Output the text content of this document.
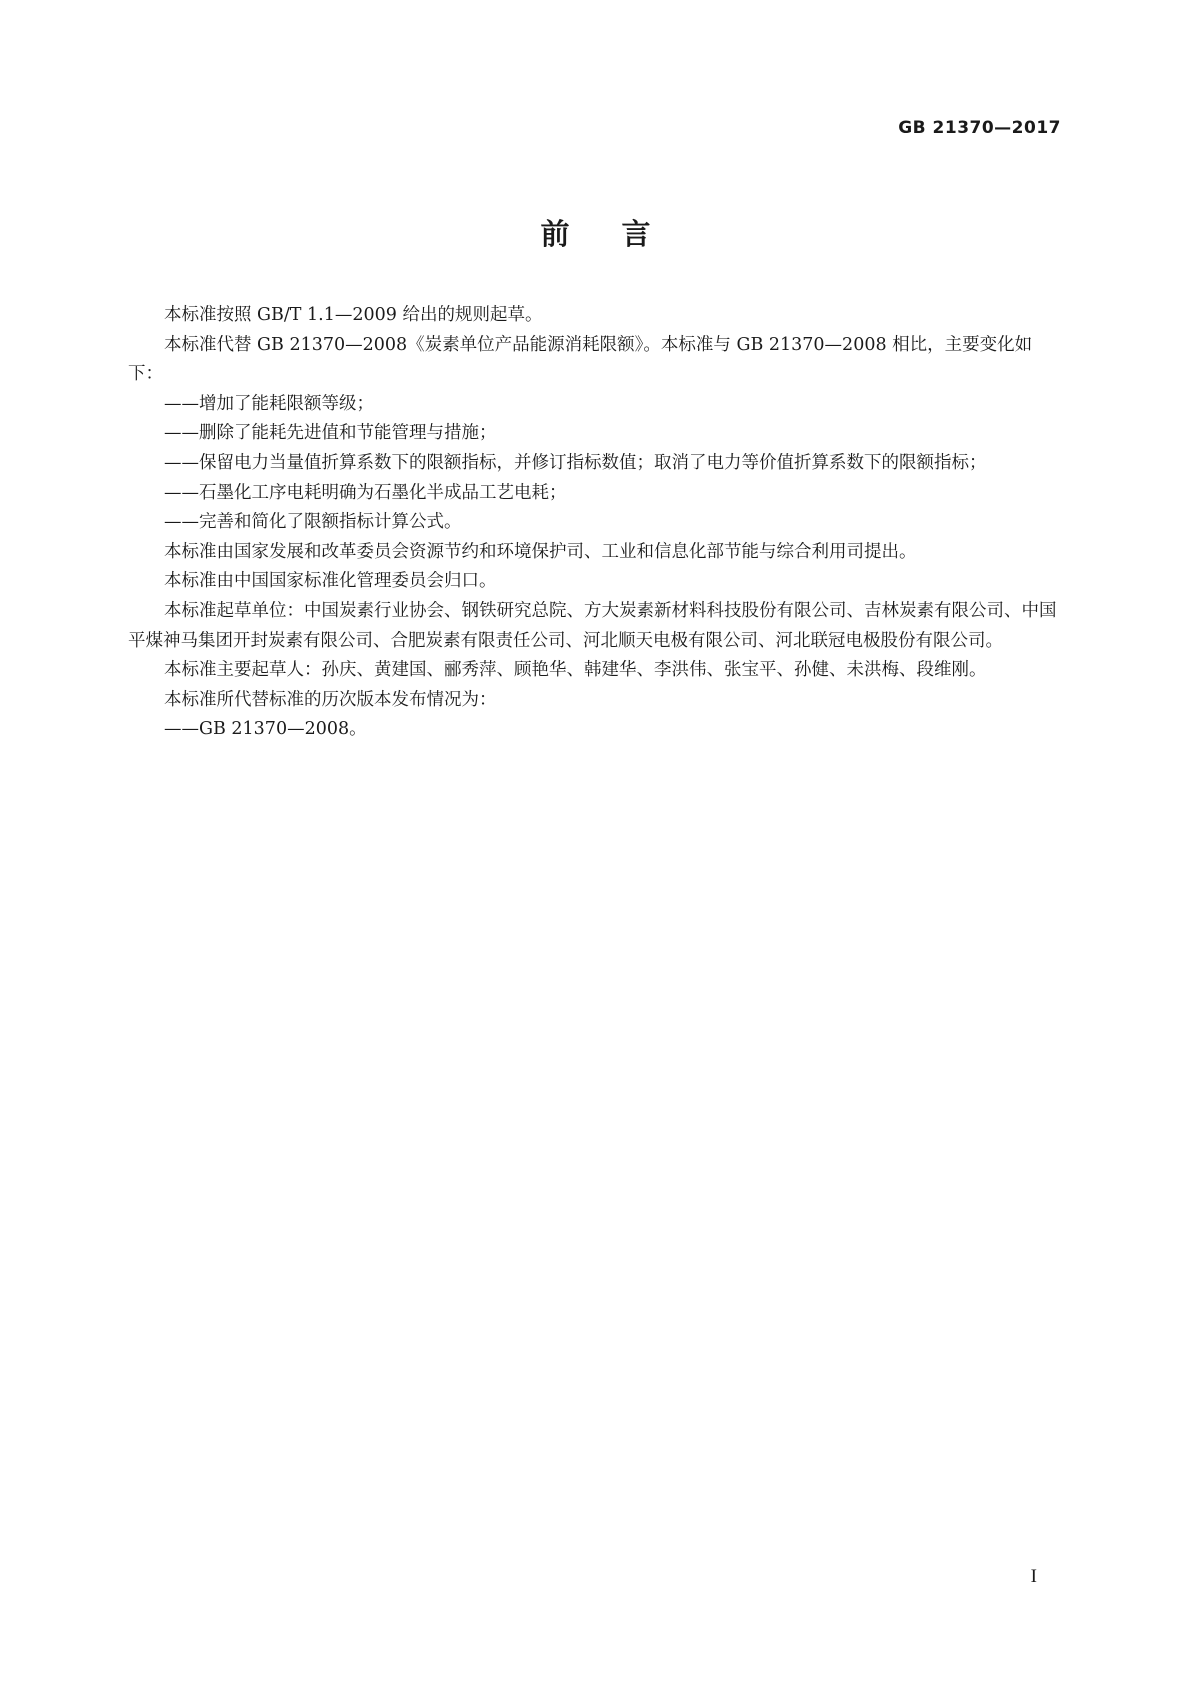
GB 21370—2017
前言

本标准按照 GB/T 1.1—2009 给出的规则起草。

本标准代替 GB 21370—2008《炭素单位产品能源消耗限额》。本标准与 GB 21370—2008 相比，主要变化如下：

——增加了能耗限额等级；

——删除了能耗先进值和节能管理与措施；

——保留电力当量值折算系数下的限额指标，并修订指标数值；取消了电力等价值折算系数下的限额指标；

——石墨化工序电耗明确为石墨化半成品工艺电耗；

——完善和简化了限额指标计算公式。

本标准由国家发展和改革委员会资源节约和环境保护司、工业和信息化部节能与综合利用司提出。

本标准由中国国家标准化管理委员会归口。

本标准起草单位：中国炭素行业协会、钢铁研究总院、方大炭素新材料科技股份有限公司、吉林炭素有限公司、中国平煤神马集团开封炭素有限公司、合肥炭素有限责任公司、河北顺天电极有限公司、河北联冠电极股份有限公司。

本标准主要起草人：孙庆、黄建国、郦秀萍、顾艳华、韩建华、李洪伟、张宝平、孙健、未洪梅、段维刚。

本标准所代替标准的历次版本发布情况为：

——GB 21370—2008。

I
